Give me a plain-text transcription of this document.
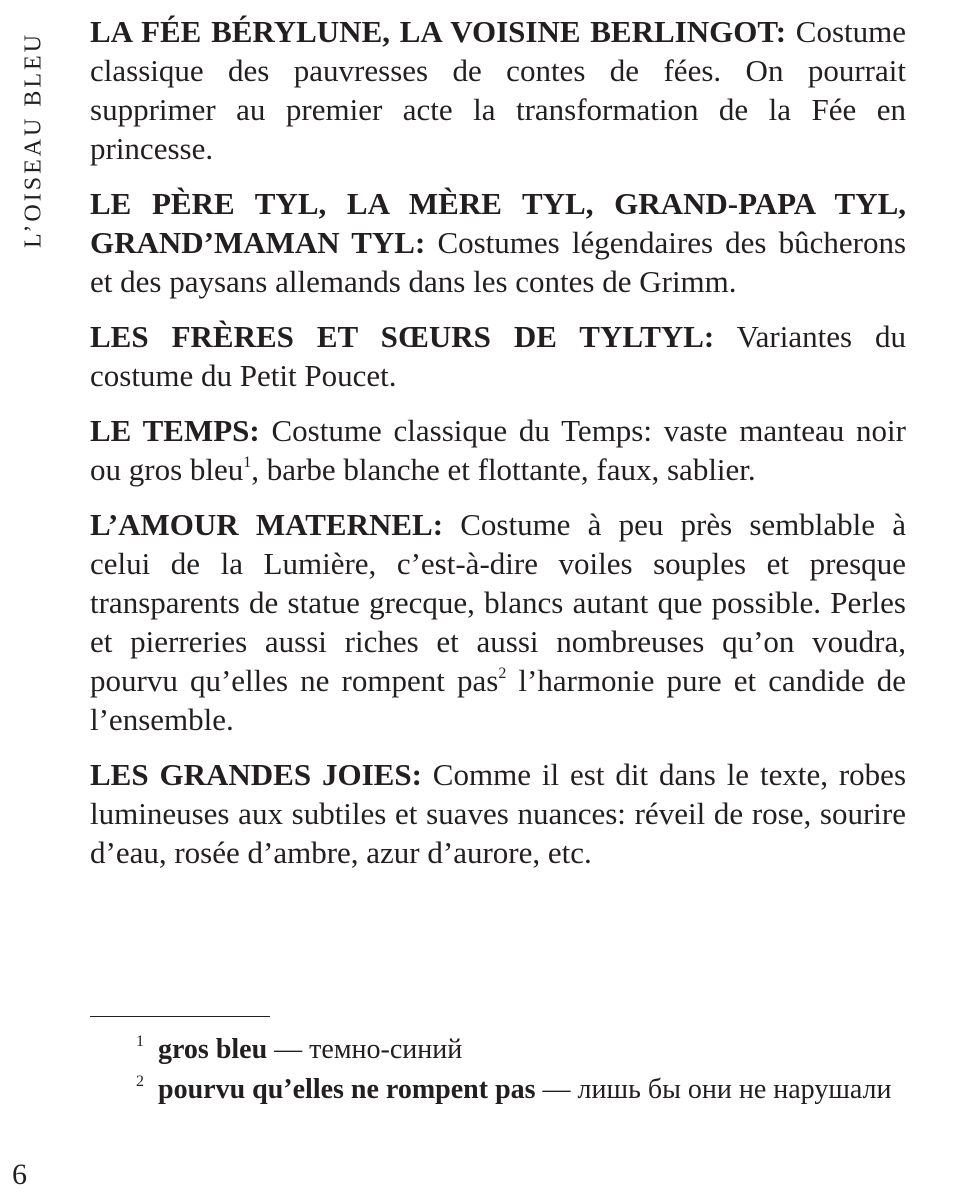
L’OISEAU BLEU

LA FÉE BÉRYLUNE, LA VOISINE BERLINGOT: Costume classique des pauvresses de contes de fées. On pourrait supprimer au premier acte la transformation de la Fée en princesse.

LE PÈRE TYL, LA MÈRE TYL, GRAND-PAPA TYL, GRAND’MAMAN TYL: Costumes légendaires des bûcherons et des paysans allemands dans les contes de Grimm.

LES FRÈRES ET SŒURS DE TYLTYL: Variantes du costume du Petit Poucet.

LE TEMPS: Costume classique du Temps: vaste manteau noir ou gros bleu$^1$, barbe blanche et flottante, faux, sablier.

L’AMOUR MATERNEL: Costume à peu près semblable à celui de la Lumière, c’est-à-dire voiles souples et presque transparents de statue grecque, blancs autant que possible. Perles et pierreries aussi riches et aussi nombreuses qu’on voudra, pourvu qu’elles ne rompent pas$^2$ l’harmonie pure et candide de l’ensemble.

LES GRANDES JOIES: Comme il est dit dans le texte, robes lumineuses aux subtiles et suaves nuances: réveil de rose, sourire d’eau, rosée d’ambre, azur d’aurore, etc.

$^1$ gros bleu — темно-синий

$^2$ pourvu qu’elles ne rompent pas — лишь бы они не нарушали

6
